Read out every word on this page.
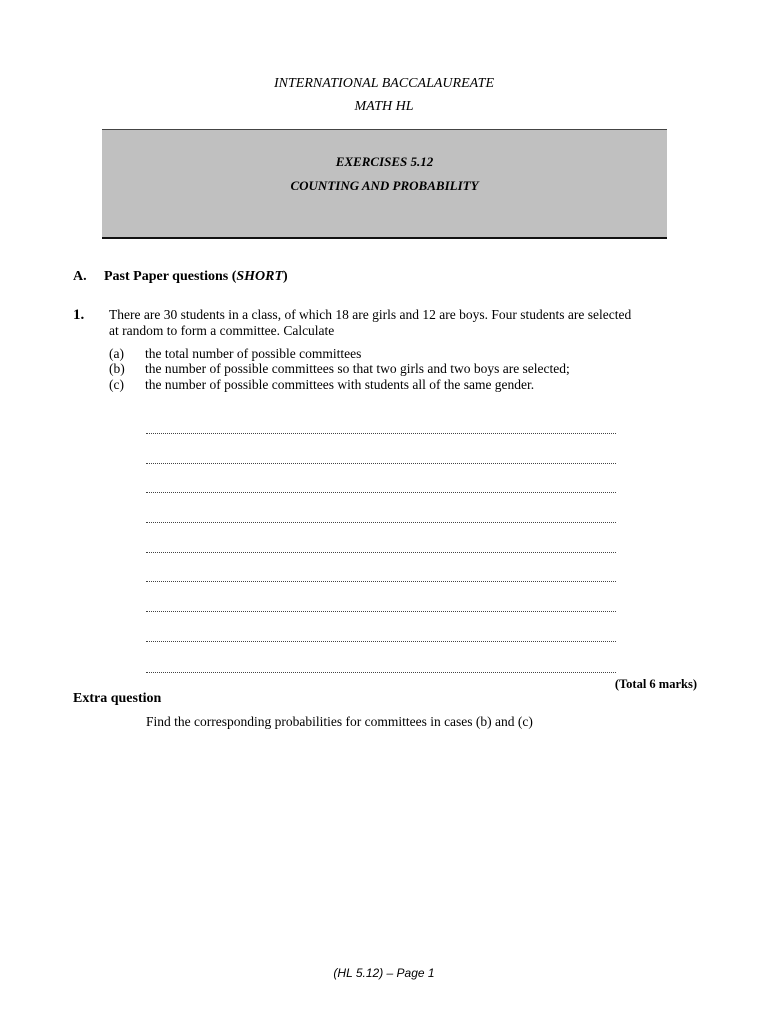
INTERNATIONAL BACCALAUREATE
MATH HL
EXERCISES 5.12
COUNTING AND PROBABILITY
A. Past Paper questions (SHORT)
1. There are 30 students in a class, of which 18 are girls and 12 are boys. Four students are selected
at random to form a committee. Calculate
(a) the total number of possible committees
(b) the number of possible committees so that two girls and two boys are selected;
(c) the number of possible committees with students all of the same gender.
(Total 6 marks)
Extra question
Find the corresponding probabilities for committees in cases (b) and (c)
(HL 5.12) – Page 1
